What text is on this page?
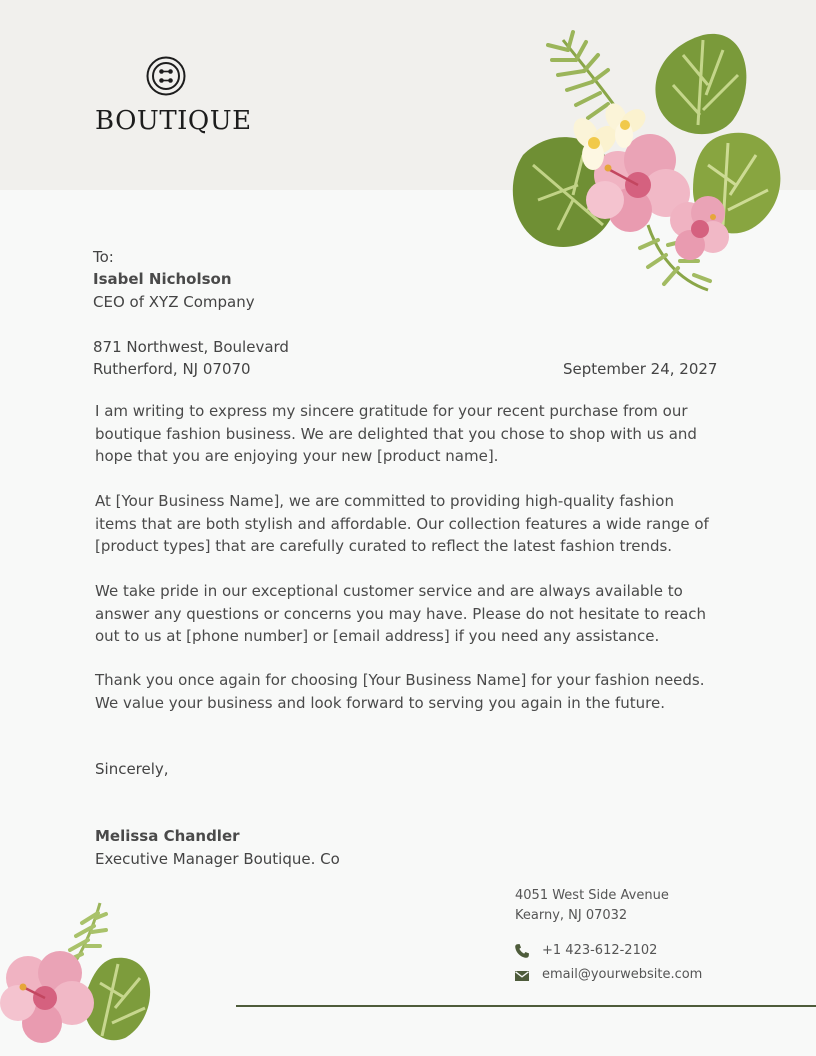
BOUTIQUE
To:
Isabel Nicholson
CEO of XYZ Company
871 Northwest, Boulevard
Rutherford, NJ 07070	September 24, 2027
I am writing to express my sincere gratitude for your recent purchase from our boutique fashion business. We are delighted that you chose to shop with us and hope that you are enjoying your new [product name].
At [Your Business Name], we are committed to providing high-quality fashion items that are both stylish and affordable. Our collection features a wide range of [product types] that are carefully curated to reflect the latest fashion trends.
We take pride in our exceptional customer service and are always available to answer any questions or concerns you may have. Please do not hesitate to reach out to us at [phone number] or [email address] if you need any assistance.
Thank you once again for choosing [Your Business Name] for your fashion needs. We value your business and look forward to serving you again in the future.
Sincerely,
Melissa Chandler
Executive Manager Boutique. Co
4051 West Side Avenue
Kearny, NJ 07032
+1 423-612-2102
email@yourwebsite.com
